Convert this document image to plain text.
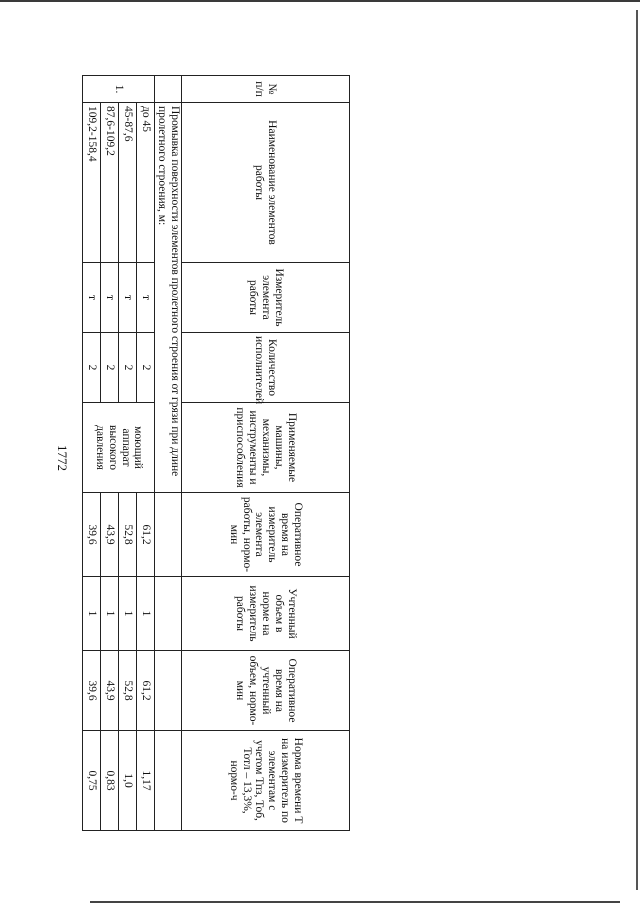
1772
№ п/п	Наименование элементов работы	Измеритель элемента работы	Количество исполнителей	Применяемые машины, механизмы, инструменты и приспособления	Оперативное время на измеритель элемента работы, нормо-мин	Учтенный объем в норме на измеритель работы	Оперативное время на учтенный объем, нормо-мин	Норма времени Т на измеритель по элементам с учетом Тпз, Тоб, Тотл – 13,3%, нормо-ч
	Промывка поверхности элементов пролетного строения от грязи при длине пролетного строения, м:							
1.	до 45	т	2	моющий аппарат высокого давления	61,2	1	61,2	1,17
	45-87,6	т	2		52,8	1	52,8	1,0
	87,6-109,2	т	2		43,9	1	43,9	0,83
	109,2-158,4	т	2		39,6	1	39,6	0,75
